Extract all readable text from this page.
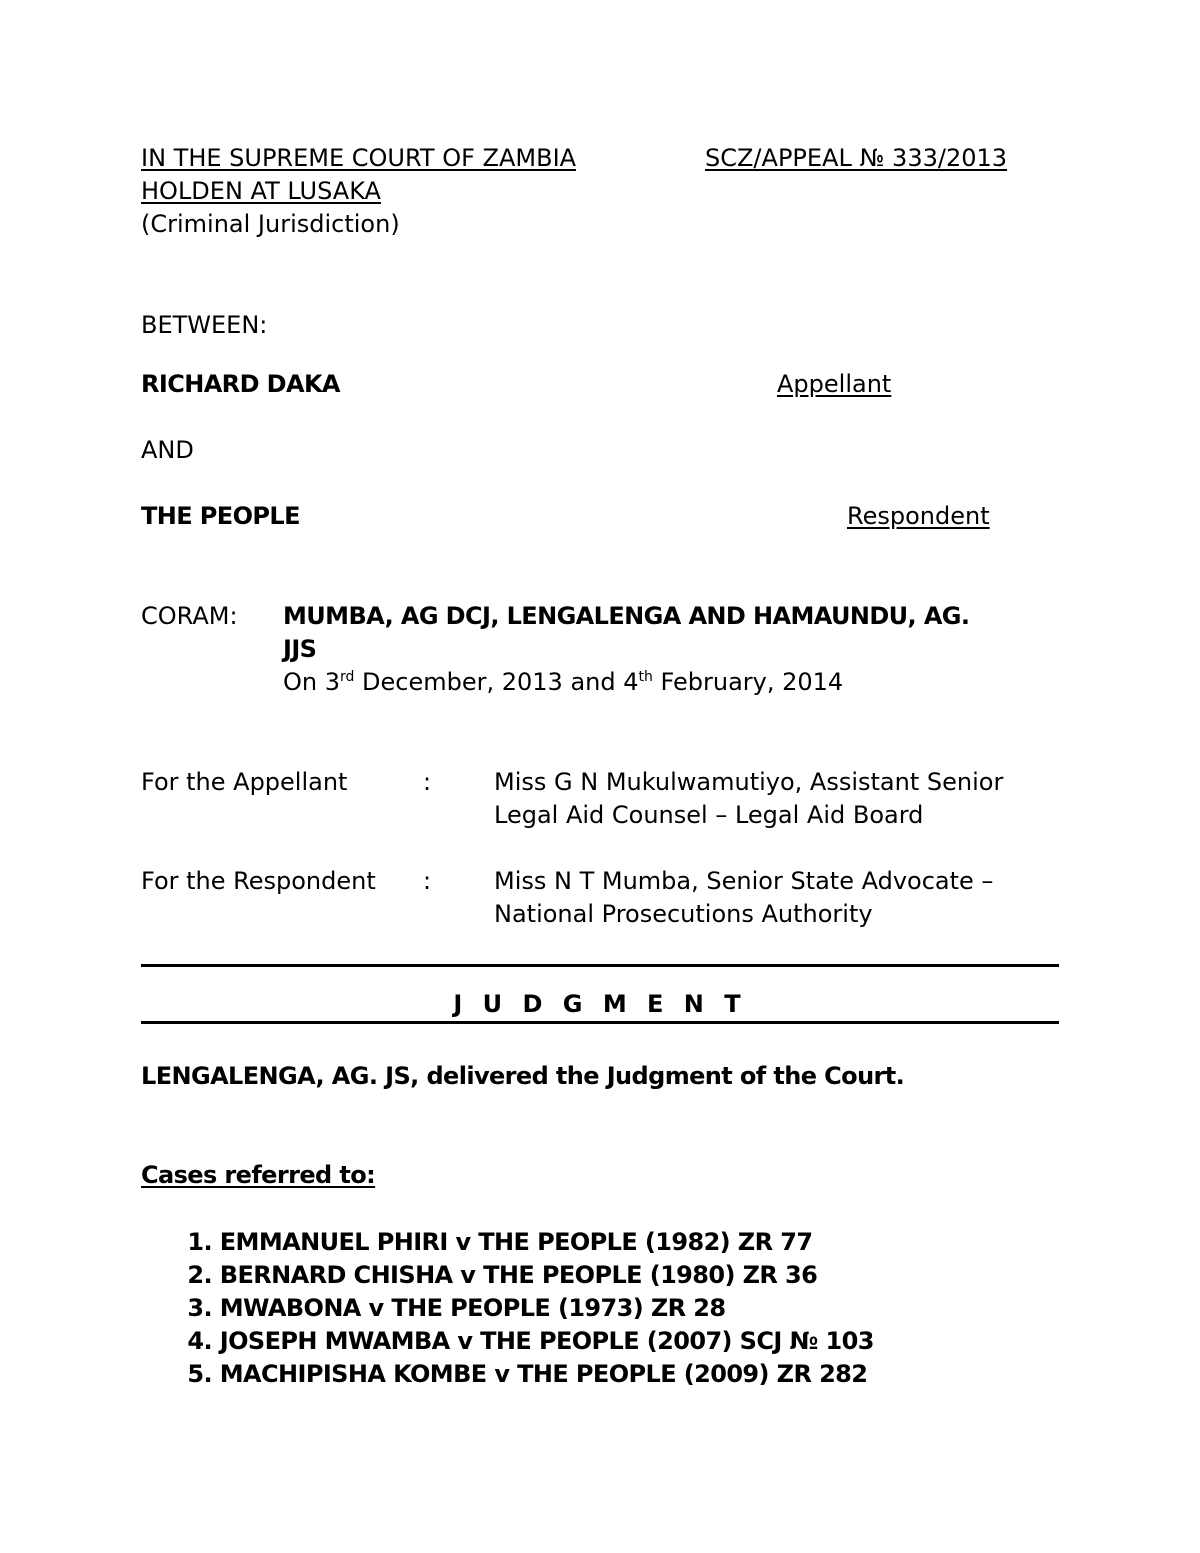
IN THE SUPREME COURT OF ZAMBIA	SCZ/APPEAL № 333/2013
HOLDEN AT LUSAKA
(Criminal Jurisdiction)
BETWEEN:
RICHARD DAKA	Appellant
AND
THE PEOPLE	Respondent
CORAM: MUMBA, AG DCJ, LENGALENGA AND HAMAUNDU, AG.
JJS
On 3rd December, 2013 and 4th February, 2014
For the Appellant	:	Miss G N Mukulwamutiyo, Assistant Senior
Legal Aid Counsel – Legal Aid Board
For the Respondent :	Miss N T Mumba, Senior State Advocate –
National Prosecutions Authority
J U D G M E N T
LENGALENGA, AG. JS, delivered the Judgment of the Court.
Cases referred to:
1. EMMANUEL PHIRI v THE PEOPLE (1982) ZR 77
2. BERNARD CHISHA v THE PEOPLE (1980) ZR 36
3. MWABONA v THE PEOPLE (1973) ZR 28
4. JOSEPH MWAMBA v THE PEOPLE (2007) SCJ № 103
5. MACHIPISHA KOMBE v THE PEOPLE (2009) ZR 282
